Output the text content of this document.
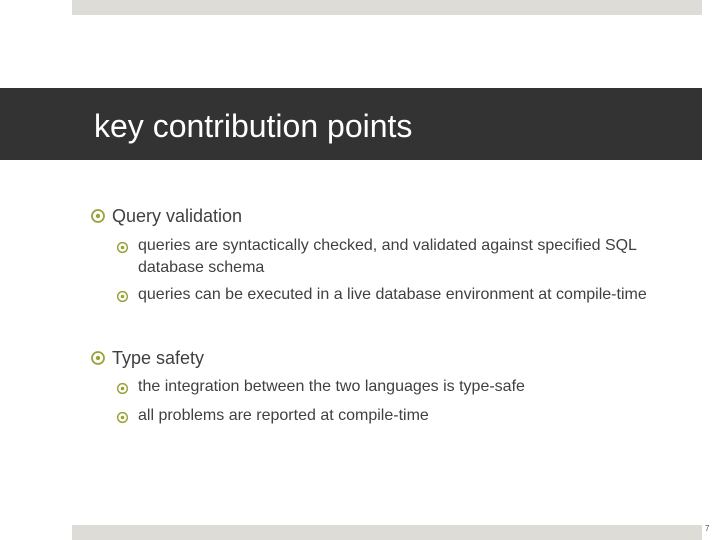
key contribution points
Query validation
queries are syntactically checked, and validated against specified SQL database schema
queries can be executed in a live database environment at compile-time
Type safety
the integration between the two languages is type-safe
all problems are reported at compile-time
7
